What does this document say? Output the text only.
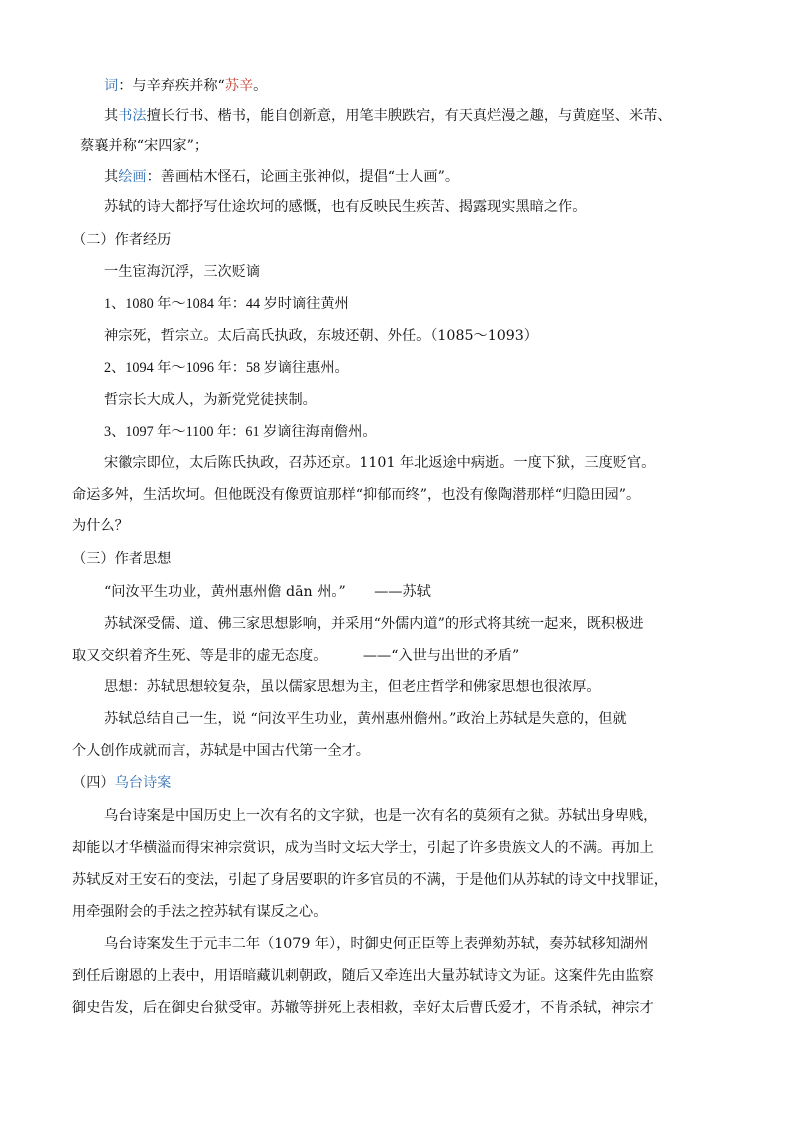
词：与辛弃疾并称“苏辛。
其书法擅长行书、楷书，能自创新意，用笔丰腴跌宕，有天真烂漫之趣，与黄庭坚、米芾、
蔡襄并称“宋四家”；
其绘画：善画枯木怪石，论画主张神似，提倡“士人画”。
苏轼的诗大都抒写仕途坎坷的感慨，也有反映民生疾苦、揭露现实黑暗之作。
（二）作者经历
一生宦海沉浮，三次贬谪
1、1080 年～1084 年：44 岁时谪往黄州
神宗死，哲宗立。太后高氏执政，东坡还朝、外任。（1085～1093）
2、1094 年～1096 年：58 岁谪往惠州。
哲宗长大成人，为新党党徒挟制。
3、1097 年～1100 年：61 岁谪往海南儋州。
宋徽宗即位，太后陈氏执政，召苏还京。1101 年北返途中病逝。一度下狱，三度贬官。
命运多舛，生活坎坷。但他既没有像贾谊那样“抑郁而终”，也没有像陶潜那样“归隐田园”。
为什么？
（三）作者思想
“问汝平生功业，黄州惠州儋 dān 州。”　　——苏轼
苏轼深受儒、道、佛三家思想影响，并采用“外儒内道”的形式将其统一起来，既积极进
取又交织着齐生死、等是非的虚无态度。　　　——“入世与出世的矛盾”
思想：苏轼思想较复杂，虽以儒家思想为主，但老庄哲学和佛家思想也很浓厚。
苏轼总结自己一生，说 “问汝平生功业，黄州惠州儋州。”政治上苏轼是失意的，但就
个人创作成就而言，苏轼是中国古代第一全才。
（四）乌台诗案
乌台诗案是中国历史上一次有名的文字狱，也是一次有名的莫须有之狱。苏轼出身卑贱，
却能以才华横溢而得宋神宗赏识，成为当时文坛大学士，引起了许多贵族文人的不满。再加上
苏轼反对王安石的变法，引起了身居要职的许多官员的不满，于是他们从苏轼的诗文中找罪证，
用牵强附会的手法之控苏轼有谋反之心。
乌台诗案发生于元丰二年（1079 年），时御史何正臣等上表弹劾苏轼，奏苏轼移知湖州
到任后谢恩的上表中，用语暗藏讥刺朝政，随后又牵连出大量苏轼诗文为证。这案件先由监察
御史告发，后在御史台狱受审。苏辙等拼死上表相救，幸好太后曹氏爱才，不肯杀轼，神宗才
